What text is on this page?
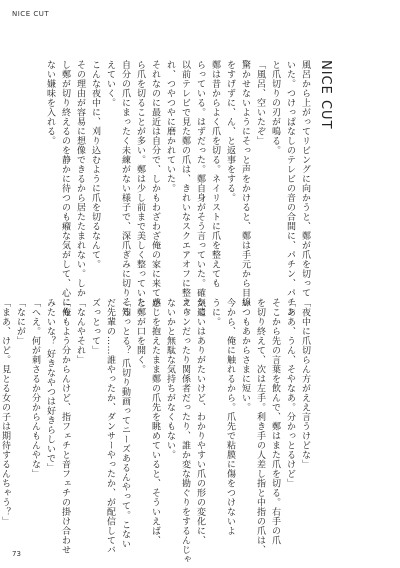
NICE CUT
NICE CUT

風呂から上がってリビングに向かうと、鄭が爪を切って

いた。つけっぱなしのテレビの音の合間に、パチン、パチン

と爪切りの刃が鳴る。

「風呂、空いたぞ」

驚かせないようにそっと声をかけると、鄭は手元から目線

をすげずに、ん、と返事をする。

鄭は昔からよく爪を切る。ネイリストに爪を整えても

らっている。はずだった。鄭自身がそう言っていた。確かに

以前テレビで見た鄭の爪は、きれいなスクエアオフに整えら

れ、つやつやに磨かれていた。

それなのに最近は自分で、しかもわざわざ俺の家に来てか

ら爪を切ることが多い。鄭は少し前まで美しく整っていた

自分の爪にまったく未練がない様子で、深爪ぎみに切りそろ

えていく。

こんな夜中に、刈り込むように爪を切るなんて。

その理由が容易に想像できるから居たたまれない。しか

し鄭が切り終えるのを静かに待つのも癪な気がして、心にも

ない嫌味を入れる。

「夜中に爪切らん方がええ言うけどな」

「ああ、うん、そやなあ。分かっとるけど」

そこから先の言葉を飲んで、鄭はまた爪を切る。右手の爪

を切り終えて、次は左手。利き手の人差し指と中指の爪は、

いつもあからさまに短い。

今から、俺に触れるから。爪先で粘膜に傷をつけないよ

うに。

気遣いはありがたいけど、わかりやすい爪の形の変化に、

ファンだったり関係者だったり、誰か変な勘ぐりをするんじゃ

ないかと無駄な気持ちがなくもない。

感じを抱えたまま鄭の爪先を眺めていると、そういえば、

と鄭が口を開く。

「知っとる？ 爪切り動画ってニーズあるんやって。こない

だ先輩の……誰やったか、ダンサーやったか、が配信してバ

ズっとって」

「なんやそれ」

「俺もよう分からんけど、指フェチと音フェチの掛け合わせ

みたいな？ 好きなやつは好きらしいで」

「へえ。何が刺さるか分からんもんやな」

「なにが」

「まあ、けど。見とる女の子は期待するんちゃう？」

73
